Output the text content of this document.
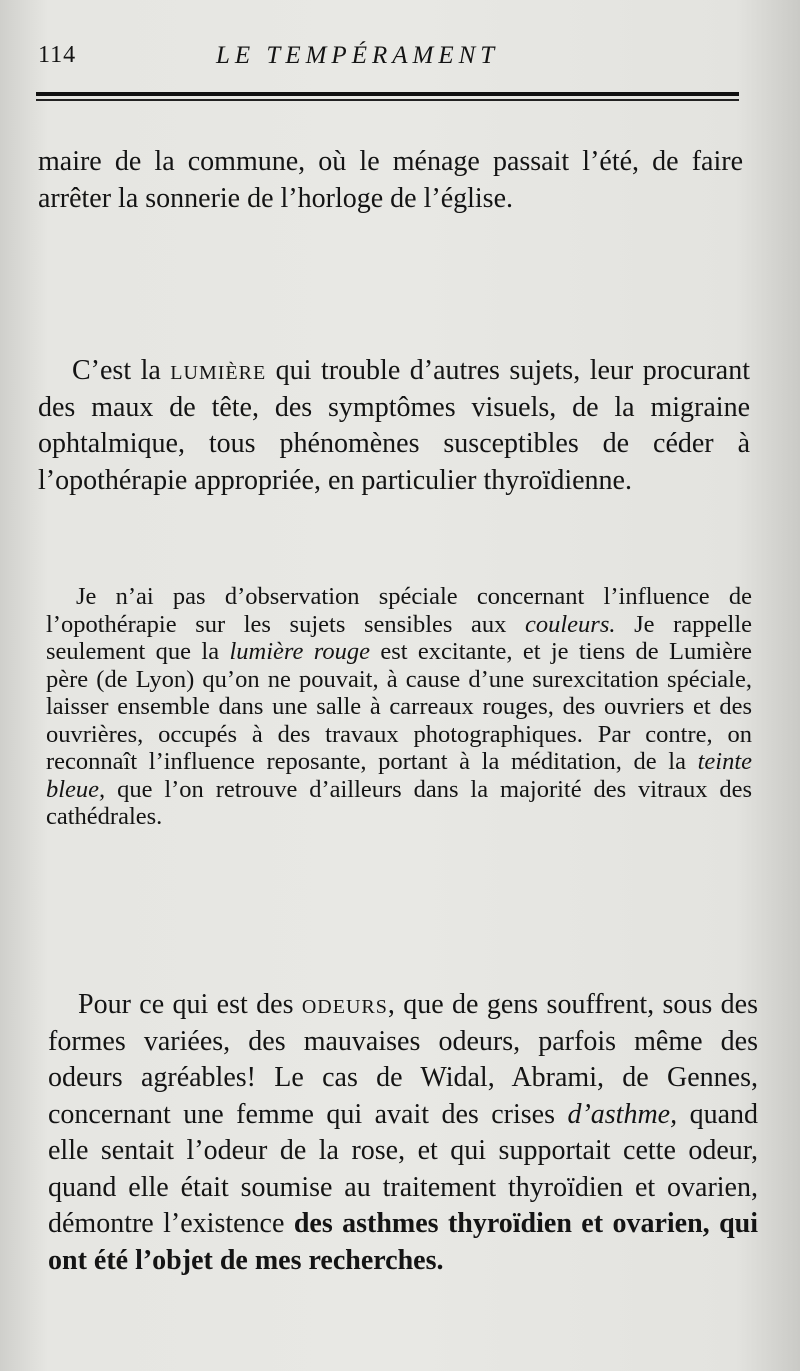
114	LE TEMPÉRAMENT

maire de la commune, où le ménage passait l’été, de faire arrêter la sonnerie de l’horloge de l’église.

C’est la lumière qui trouble d’autres sujets, leur procurant des maux de tête, des symptômes visuels, de la migraine ophtalmique, tous phénomènes susceptibles de céder à l’opothérapie appropriée, en particulier thyroïdienne.

Je n’ai pas d’observation spéciale concernant l’influence de l’opothérapie sur les sujets sensibles aux couleurs. Je rappelle seulement que la lumière rouge est excitante, et je tiens de Lumière père (de Lyon) qu’on ne pouvait, à cause d’une surexcitation spéciale, laisser ensemble dans une salle à carreaux rouges, des ouvriers et des ouvrières, occupés à des travaux photographiques. Par contre, on reconnaît l’influence reposante, portant à la méditation, de la teinte bleue, que l’on retrouve d’ailleurs dans la majorité des vitraux des cathédrales.

Pour ce qui est des odeurs, que de gens souffrent, sous des formes variées, des mauvaises odeurs, parfois même des odeurs agréables! Le cas de Widal, Abrami, de Gennes, concernant une femme qui avait des crises d’asthme, quand elle sentait l’odeur de la rose, et qui supportait cette odeur, quand elle était soumise au traitement thyroïdien et ovarien, démontre l’existence des asthmes thyroïdien et ovarien, qui ont été l’objet de mes recherches.
